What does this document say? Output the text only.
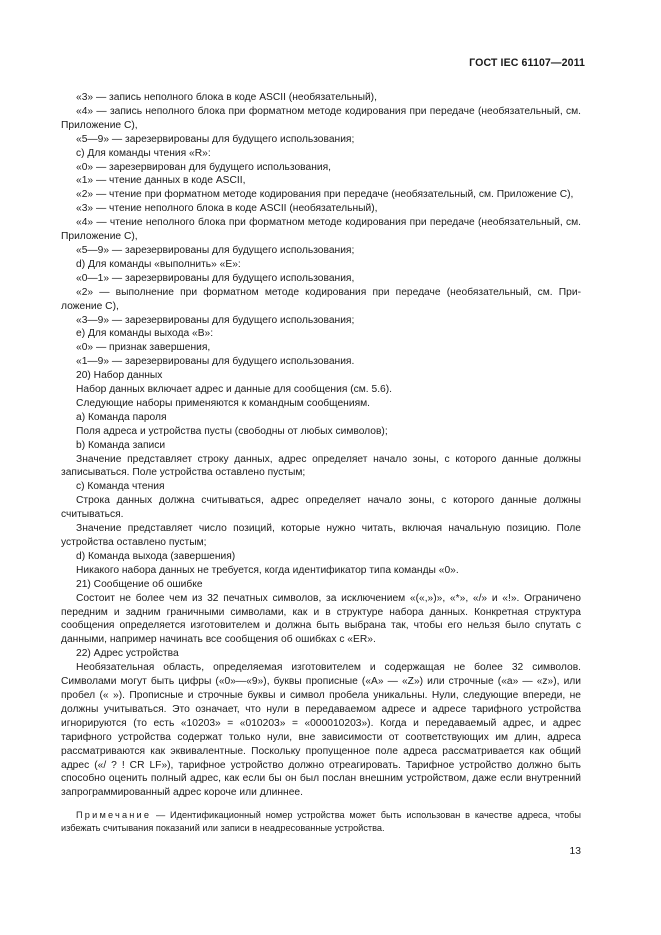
ГОСТ IEC 61107—2011

«3» — запись неполного блока в коде ASCII (необязательный),

«4» — запись неполного блока при форматном методе кодирования при передаче (необязательный, см. Приложение С),

«5—9» — зарезервированы для будущего использования;

c) Для команды чтения «R»:

«0» — зарезервирован для будущего использования,

«1» — чтение данных в коде ASCII,

«2» — чтение при форматном методе кодирования при передаче (необязательный, см. Приложение С),

«3» — чтение неполного блока в коде ASCII (необязательный),

«4» — чтение неполного блока при форматном методе кодирования при передаче (необязательный, см. Приложение С),

«5—9» — зарезервированы для будущего использования;

d) Для команды «выполнить» «E»:

«0—1» — зарезервированы для будущего использования,

«2» — выполнение при форматном методе кодирования при передаче (необязательный, см. Приложение С),

«3—9» — зарезервированы для будущего использования;

e) Для команды выхода «B»:

«0» — признак завершения,

«1—9» — зарезервированы для будущего использования.

20) Набор данных

Набор данных включает адрес и данные для сообщения (см. 5.6).

Следующие наборы применяются к командным сообщениям.

a) Команда пароля

Поля адреса и устройства пусты (свободны от любых символов);

b) Команда записи

Значение представляет строку данных, адрес определяет начало зоны, с которого данные должны записываться. Поле устройства оставлено пустым;

c) Команда чтения

Строка данных должна считываться, адрес определяет начало зоны, с которого данные должны считываться.

Значение представляет число позиций, которые нужно читать, включая начальную позицию. Поле устройства оставлено пустым;

d) Команда выхода (завершения)

Никакого набора данных не требуется, когда идентификатор типа команды «0».

21) Сообщение об ошибке

Состоит не более чем из 32 печатных символов, за исключением «(«,»)», «*», «/» и «!». Ограничено передним и задним граничными символами, как и в структуре набора данных. Конкретная структура сообщения определяется изготовителем и должна быть выбрана так, чтобы его нельзя было спутать с данными, например начинать все сообщения об ошибках с «ER».

22) Адрес устройства

Необязательная область, определяемая изготовителем и содержащая не более 32 символов. Символами могут быть цифры («0»—«9»), буквы прописные («A» — «Z») или строчные («a» — «z»), или пробел (« »). Прописные и строчные буквы и символ пробела уникальны. Нули, следующие впереди, не должны учитываться. Это означает, что нули в передаваемом адресе и адресе тарифного устройства игнорируются (то есть «10203» = «010203» = «000010203»). Когда и передаваемый адрес, и адрес тарифного устройства содержат только нули, вне зависимости от соответствующих им длин, адреса рассматриваются как эквивалентные. Поскольку пропущенное поле адреса рассматривается как общий адрес («/ ? ! CR LF»), тарифное устройство должно отреагировать. Тарифное устройство должно быть способно оценить полный адрес, как если бы он был послан внешним устройством, даже если внутренний запрограммированный адрес короче или длиннее.

Примечание — Идентификационный номер устройства может быть использован в качестве адреса, чтобы избежать считывания показаний или записи в неадресованные устройства.

13
